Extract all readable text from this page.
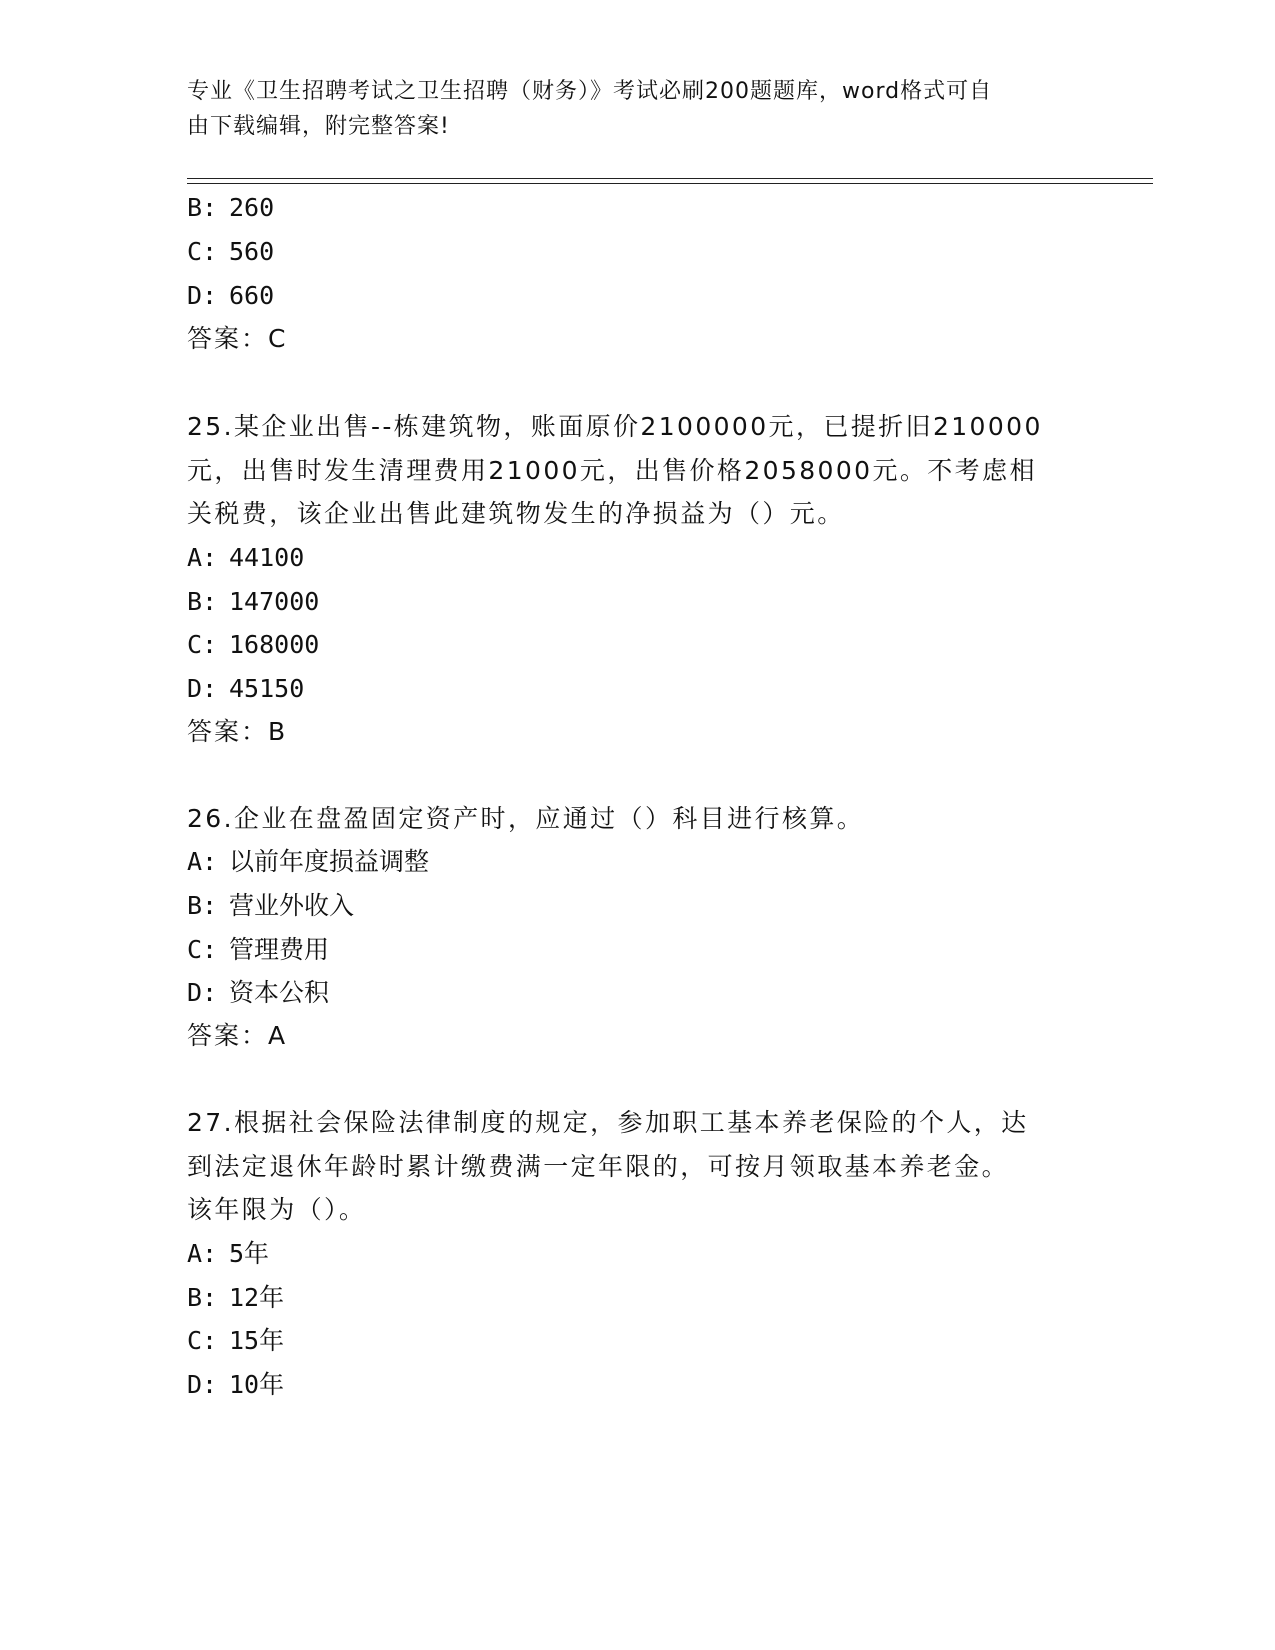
专业《卫生招聘考试之卫生招聘（财务）》考试必刷200题题库，word格式可自
由下载编辑，附完整答案!
B: 260
C: 560
D: 660
答案：C
25.某企业出售--栋建筑物，账面原价2100000元，已提折旧210000
元，出售时发生清理费用21000元，出售价格2058000元。不考虑相
关税费，该企业出售此建筑物发生的净损益为（）元。
A: 44100
B: 147000
C: 168000
D: 45150
答案：B
26.企业在盘盈固定资产时，应通过（）科目进行核算。
A: 以前年度损益调整
B: 营业外收入
C: 管理费用
D: 资本公积
答案：A
27.根据社会保险法律制度的规定，参加职工基本养老保险的个人，达
到法定退休年龄时累计缴费满一定年限的，可按月领取基本养老金。
该年限为（）。
A: 5年
B: 12年
C: 15年
D: 10年
